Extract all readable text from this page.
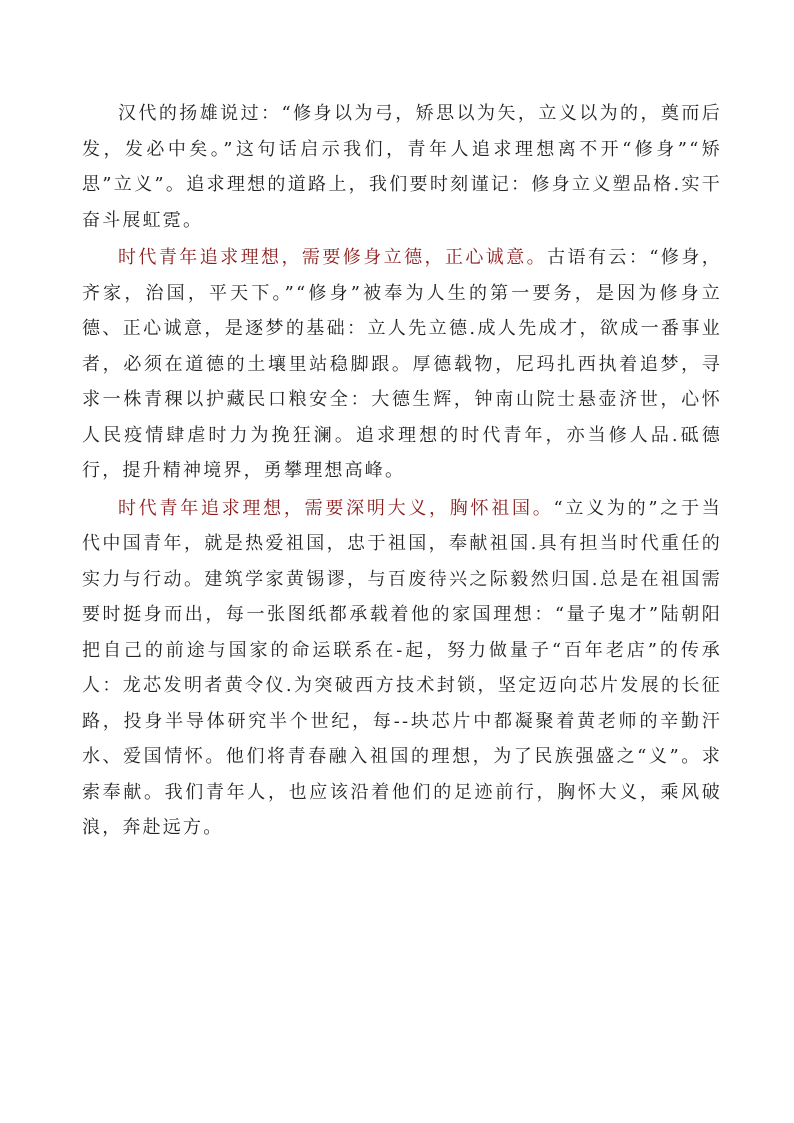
汉代的扬雄说过：“修身以为弓，矫思以为矢，立义以为的，奠而后发，发必中矣。”这句话启示我们，青年人追求理想离不开“修身”“矫思”立义”。追求理想的道路上，我们要时刻谨记：修身立义塑品格.实干奋斗展虹霓。

时代青年追求理想，需要修身立德，正心诚意。古语有云：“修身，齐家，治国，平天下。”“修身”被奉为人生的第一要务，是因为修身立德、正心诚意，是逐梦的基础：立人先立德.成人先成才，欲成一番事业者，必须在道德的土壤里站稳脚跟。厚德载物，尼玛扎西执着追梦，寻求一株青稞以护藏民口粮安全：大德生辉，钟南山院士悬壶济世，心怀人民疫情肆虐时力为挽狂澜。追求理想的时代青年，亦当修人品.砥德行，提升精神境界，勇攀理想高峰。

时代青年追求理想，需要深明大义，胸怀祖国。“立义为的”之于当代中国青年，就是热爱祖国，忠于祖国，奉献祖国.具有担当时代重任的实力与行动。建筑学家黄锡谬，与百废待兴之际毅然归国.总是在祖国需要时挺身而出，每一张图纸都承载着他的家国理想：“量子鬼才”陆朝阳把自己的前途与国家的命运联系在-起，努力做量子“百年老店”的传承人：龙芯发明者黄令仪.为突破西方技术封锁，坚定迈向芯片发展的长征路，投身半导体研究半个世纪，每--块芯片中都凝聚着黄老师的辛勤汗水、爱国情怀。他们将青春融入祖国的理想，为了民族强盛之“义”。求索奉献。我们青年人，也应该沿着他们的足迹前行，胸怀大义，乘风破浪，奔赴远方。
